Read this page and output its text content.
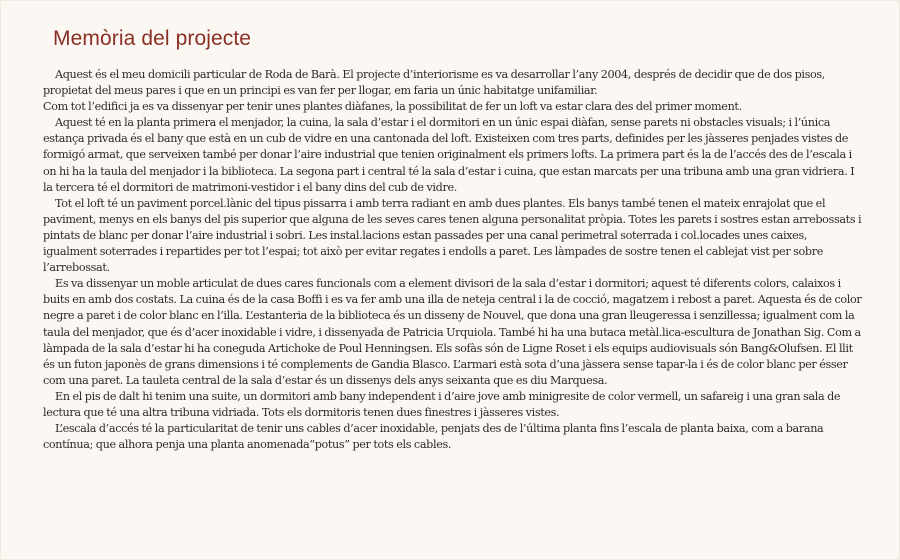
Memòria del projecte

Aquest és el meu domicili particular de Roda de Barà. El projecte d’interiorisme es va desarrollar l’any 2004, després de decidir que de dos pisos, propietat del meus pares i que en un principi es van fer per llogar, em faria un únic habitatge unifamiliar.

Com tot l’edifici ja es va dissenyar per tenir unes plantes diàfanes, la possibilitat de fer un loft va estar clara des del primer moment.

Aquest té en la planta primera el menjador, la cuina, la sala d’estar i el dormitori en un únic espai diàfan, sense parets ni obstacles visuals; i l’única estança privada és el bany que està en un cub de vidre en una cantonada del loft. Existeixen com tres parts, definides per les jàsseres penjades vistes de formigó armat, que serveixen també per donar l’aire industrial que tenien originalment els primers lofts. La primera part és la de l’accés des de l’escala i on hi ha la taula del menjador i la biblioteca. La segona part i central té la sala d’estar i cuina, que estan marcats per una tribuna amb una gran vidriera. I la tercera té el dormitori de matrimoni-vestidor i el bany dins del cub de vidre.

Tot el loft té un paviment porcel.lànic del tipus pissarra i amb terra radiant en amb dues plantes. Els banys també tenen el mateix enrajolat que el paviment, menys en els banys del pis superior que alguna de les seves cares tenen alguna personalitat pròpia. Totes les parets i sostres estan arrebossats i pintats de blanc per donar l’aire industrial i sobri. Les instal.lacions estan passades per una canal perimetral soterrada i col.locades unes caixes, igualment soterrades i repartides per tot l’espai; tot això per evitar regates i endolls a paret. Les làmpades de sostre tenen el cablejat vist per sobre l’arrebossat.

Es va dissenyar un moble articulat de dues cares funcionals com a element divisori de la sala d’estar i dormitori; aquest té diferents colors, calaixos i buits en amb dos costats. La cuina és de la casa Boffi i es va fer amb una illa de neteja central i la de cocció, magatzem i rebost a paret. Aquesta és de color negre a paret i de color blanc en l’illa. L’estanteria de la biblioteca és un disseny de Nouvel, que dona una gran lleugeressa i senzillessa; igualment com la taula del menjador, que és d’acer inoxidable i vidre, i dissenyada de Patricia Urquiola. També hi ha una butaca metàl.lica-escultura de Jonathan Sig. Com a làmpada de la sala d’estar hi ha coneguda Artichoke de Poul Henningsen. Els sofàs són de Ligne Roset i els equips audiovisuals són Bang&Olufsen. El llit és un futon japonès de grans dimensions i té complements de Gandia Blasco. L’armari està sota d’una jàssera sense tapar-la i és de color blanc per ésser com una paret. La tauleta central de la sala d’estar és un dissenys dels anys seixanta que es diu Marquesa.

En el pis de dalt hi tenim una suite, un dormitori amb bany independent i d’aire jove amb minigresite de color vermell, un safareig i una gran sala de lectura que té una altra tribuna vidriada. Tots els dormitoris tenen dues finestres i jàsseres vistes.

L’escala d’accés té la particularitat de tenir uns cables d’acer inoxidable, penjats des de l’última planta fins l’escala de planta baixa, com a barana contínua; que alhora penja una planta anomenada“potus” per tots els cables.
